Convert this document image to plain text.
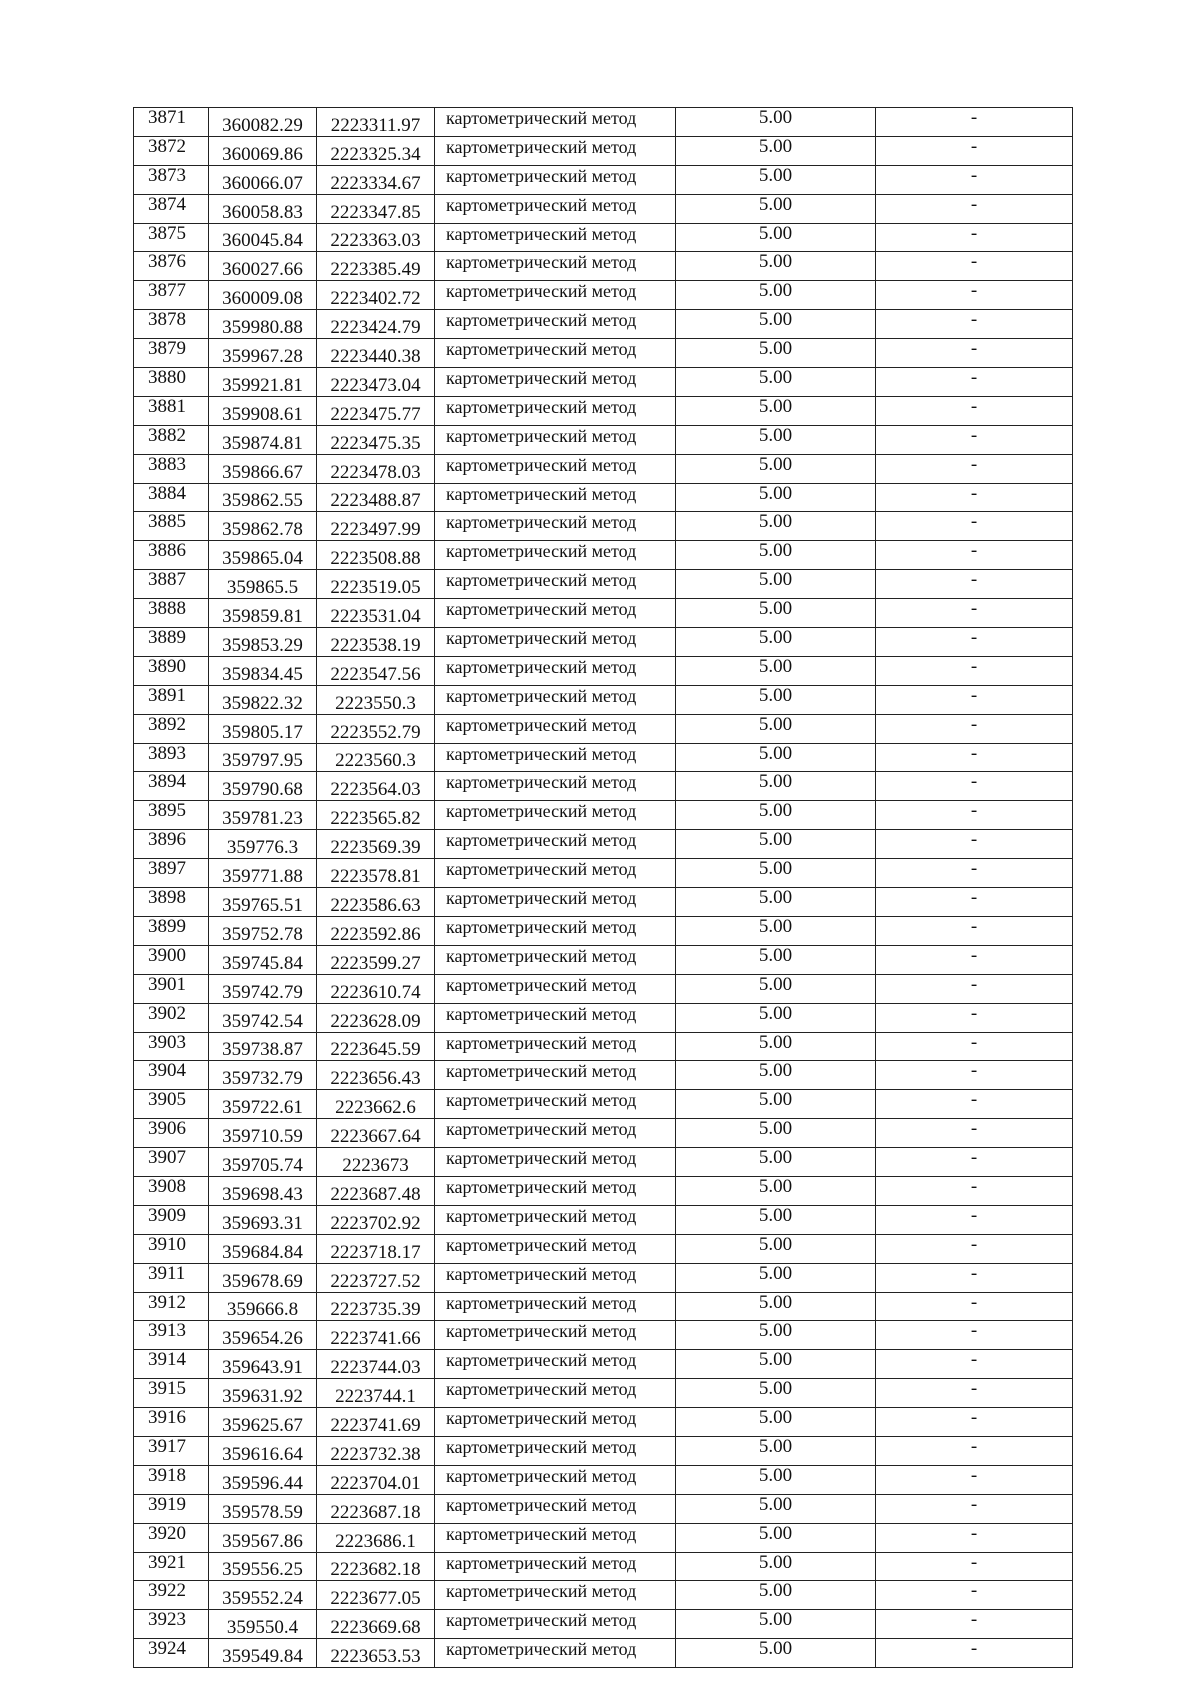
3871	360082.29	2223311.97	картометрический метод	5.00	-
3872	360069.86	2223325.34	картометрический метод	5.00	-
3873	360066.07	2223334.67	картометрический метод	5.00	-
3874	360058.83	2223347.85	картометрический метод	5.00	-
3875	360045.84	2223363.03	картометрический метод	5.00	-
3876	360027.66	2223385.49	картометрический метод	5.00	-
3877	360009.08	2223402.72	картометрический метод	5.00	-
3878	359980.88	2223424.79	картометрический метод	5.00	-
3879	359967.28	2223440.38	картометрический метод	5.00	-
3880	359921.81	2223473.04	картометрический метод	5.00	-
3881	359908.61	2223475.77	картометрический метод	5.00	-
3882	359874.81	2223475.35	картометрический метод	5.00	-
3883	359866.67	2223478.03	картометрический метод	5.00	-
3884	359862.55	2223488.87	картометрический метод	5.00	-
3885	359862.78	2223497.99	картометрический метод	5.00	-
3886	359865.04	2223508.88	картометрический метод	5.00	-
3887	359865.5	2223519.05	картометрический метод	5.00	-
3888	359859.81	2223531.04	картометрический метод	5.00	-
3889	359853.29	2223538.19	картометрический метод	5.00	-
3890	359834.45	2223547.56	картометрический метод	5.00	-
3891	359822.32	2223550.3	картометрический метод	5.00	-
3892	359805.17	2223552.79	картометрический метод	5.00	-
3893	359797.95	2223560.3	картометрический метод	5.00	-
3894	359790.68	2223564.03	картометрический метод	5.00	-
3895	359781.23	2223565.82	картометрический метод	5.00	-
3896	359776.3	2223569.39	картометрический метод	5.00	-
3897	359771.88	2223578.81	картометрический метод	5.00	-
3898	359765.51	2223586.63	картометрический метод	5.00	-
3899	359752.78	2223592.86	картометрический метод	5.00	-
3900	359745.84	2223599.27	картометрический метод	5.00	-
3901	359742.79	2223610.74	картометрический метод	5.00	-
3902	359742.54	2223628.09	картометрический метод	5.00	-
3903	359738.87	2223645.59	картометрический метод	5.00	-
3904	359732.79	2223656.43	картометрический метод	5.00	-
3905	359722.61	2223662.6	картометрический метод	5.00	-
3906	359710.59	2223667.64	картометрический метод	5.00	-
3907	359705.74	2223673	картометрический метод	5.00	-
3908	359698.43	2223687.48	картометрический метод	5.00	-
3909	359693.31	2223702.92	картометрический метод	5.00	-
3910	359684.84	2223718.17	картометрический метод	5.00	-
3911	359678.69	2223727.52	картометрический метод	5.00	-
3912	359666.8	2223735.39	картометрический метод	5.00	-
3913	359654.26	2223741.66	картометрический метод	5.00	-
3914	359643.91	2223744.03	картометрический метод	5.00	-
3915	359631.92	2223744.1	картометрический метод	5.00	-
3916	359625.67	2223741.69	картометрический метод	5.00	-
3917	359616.64	2223732.38	картометрический метод	5.00	-
3918	359596.44	2223704.01	картометрический метод	5.00	-
3919	359578.59	2223687.18	картометрический метод	5.00	-
3920	359567.86	2223686.1	картометрический метод	5.00	-
3921	359556.25	2223682.18	картометрический метод	5.00	-
3922	359552.24	2223677.05	картометрический метод	5.00	-
3923	359550.4	2223669.68	картометрический метод	5.00	-
3924	359549.84	2223653.53	картометрический метод	5.00	-
